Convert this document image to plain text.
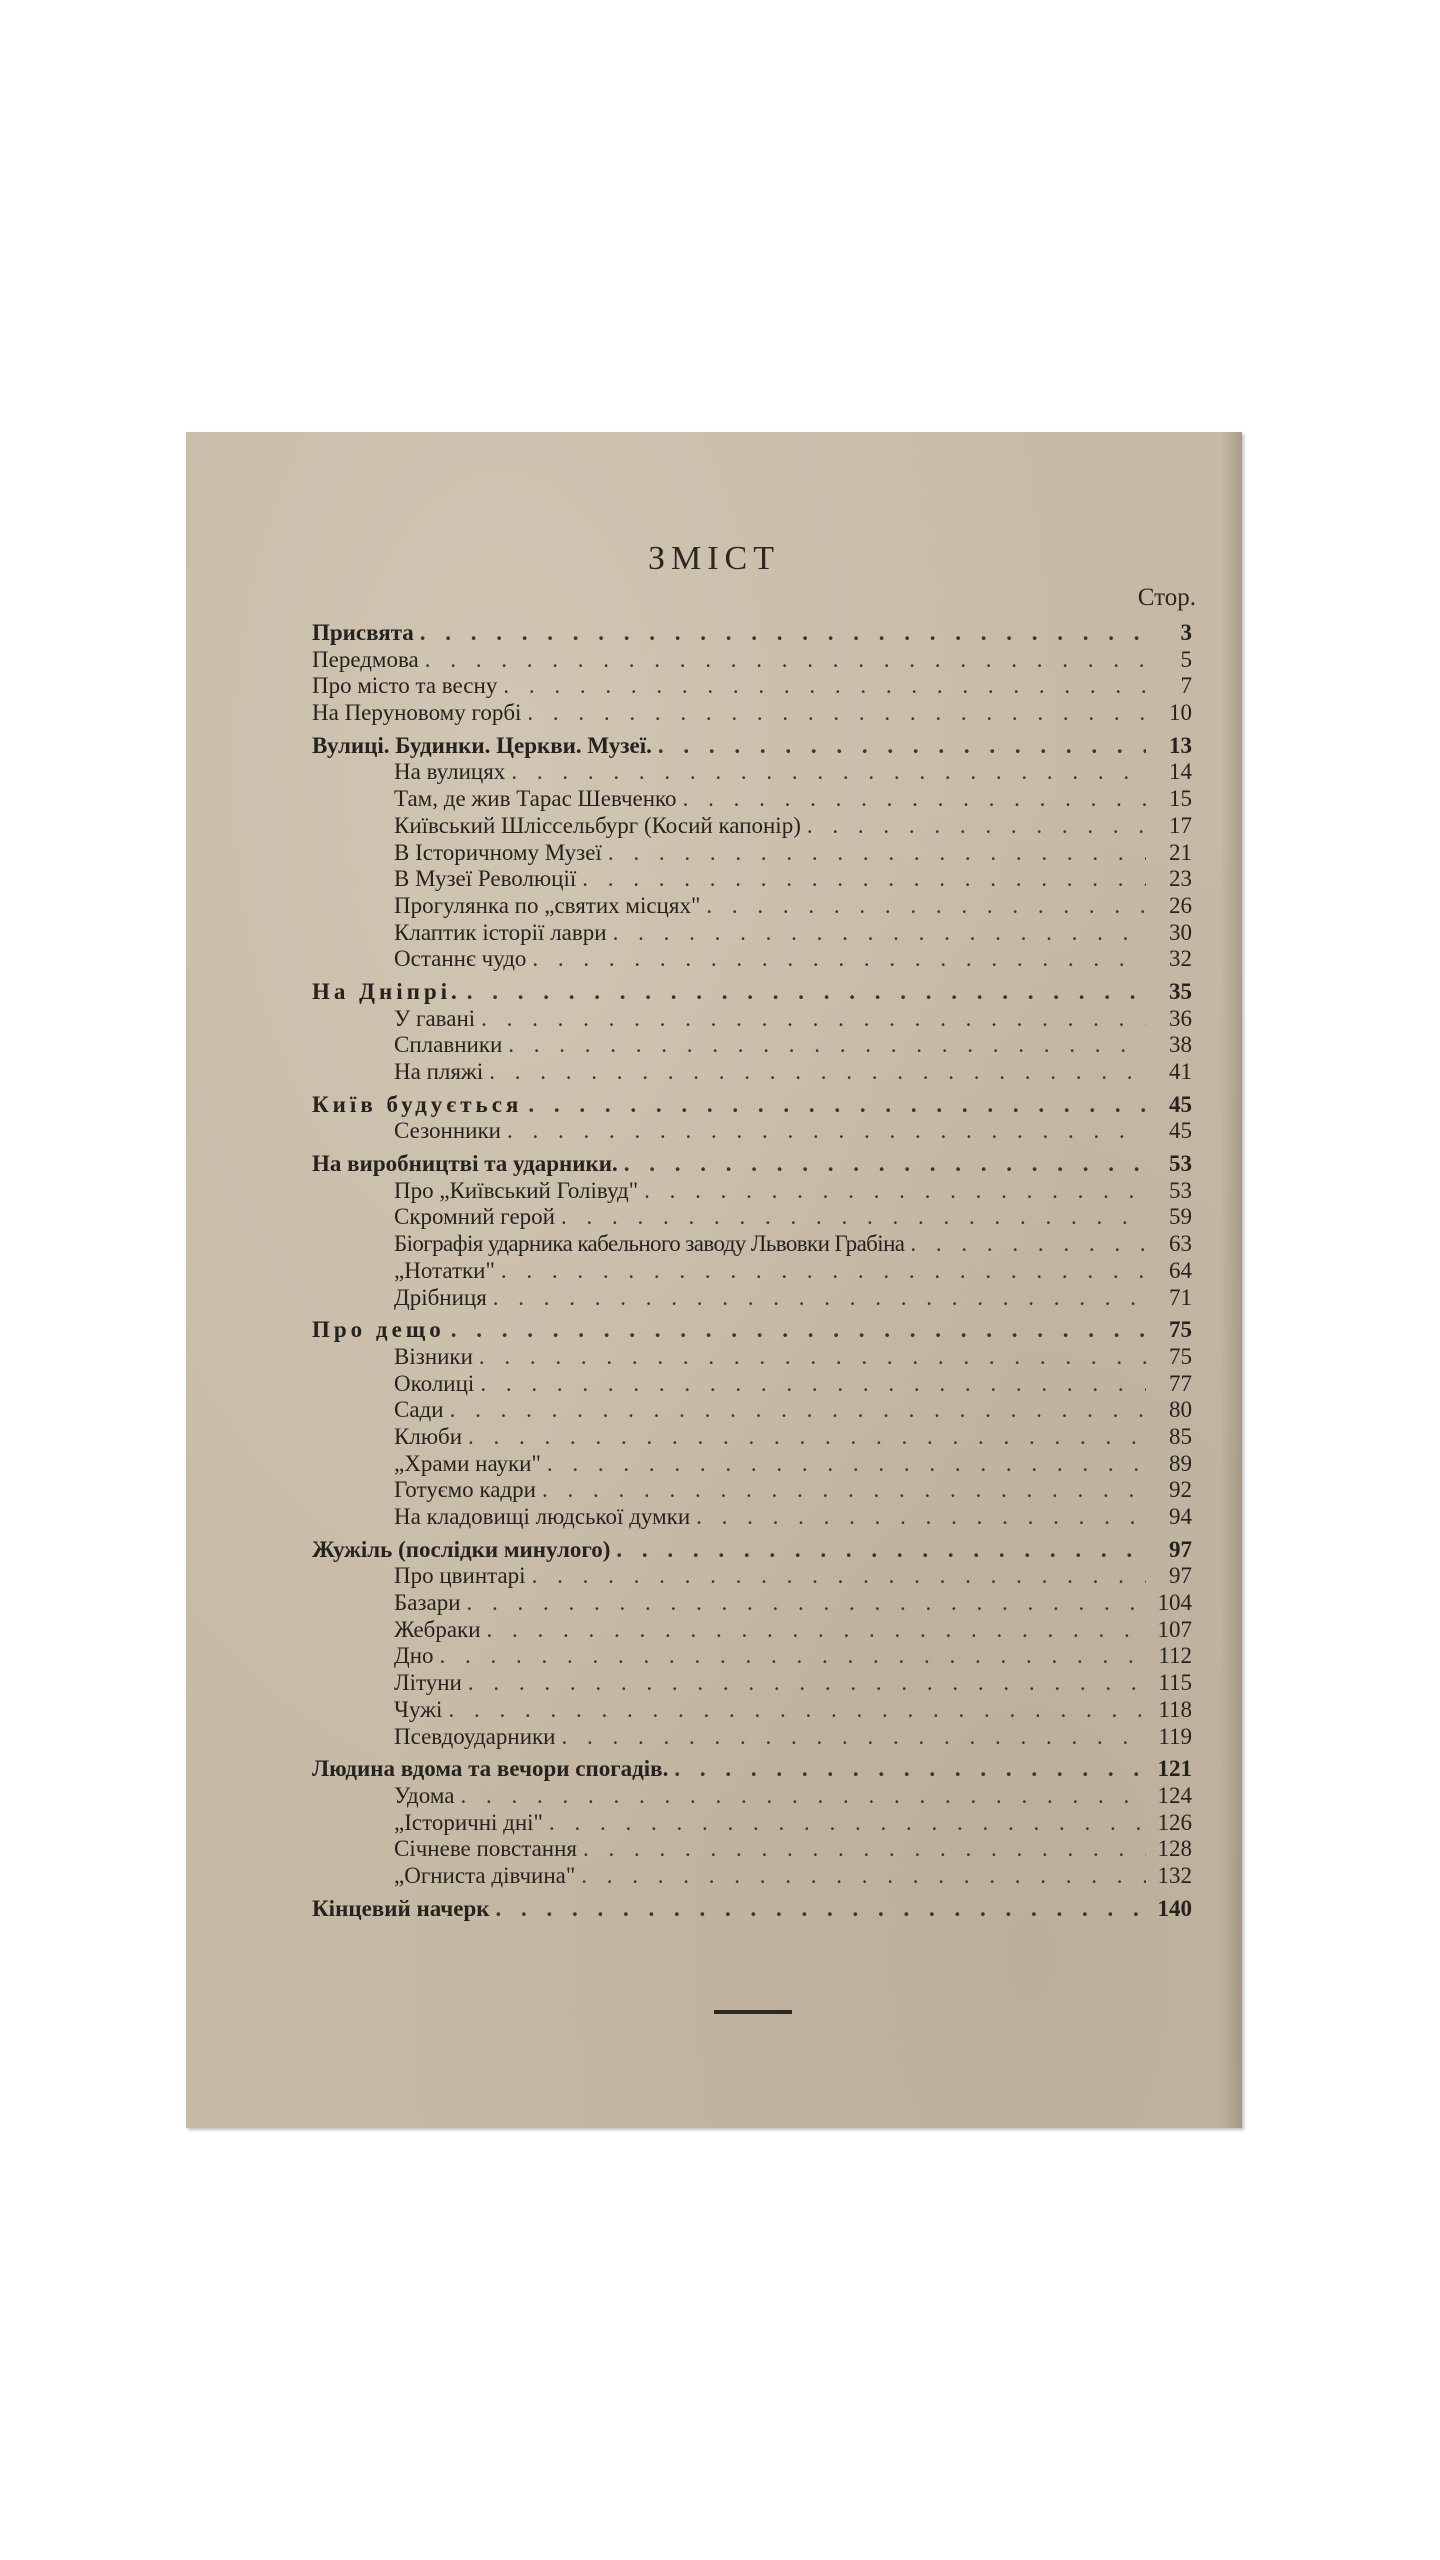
ЗМІСТ
Стор.
Присвята . . .	3
Передмова . . .	5
Про місто та весну . . .	7
На Перуновому горбі . . .	10
Вулиці. Будинки. Церкви. Музеї. . . .	13
На вулицях . . .	14
Там, де жив Тарас Шевченко . . .	15
Київський Шліссельбург (Косий капонір) . . .	17
В Історичному Музеї . . .	21
В Музеї Революції . . .	23
Прогулянка по „святих місцях" . . .	26
Клаптик історії лаври . . .	30
Останнє чудо . . .	32
На Дніпрі. . . .	35
У гавані . . .	36
Сплавники . . .	38
На пляжі . . .	41
Київ будується . . .	45
Сезонники . . .	45
На виробництві та ударники. . . .	53
Про „Київський Голівуд" . . .	53
Скромний герой . . .	59
Біографія ударника кабельного заводу Львовки Грабіна . . .	63
„Нотатки" . . .	64
Дрібниця . . .	71
Про дещо . . .	75
Візники . . .	75
Околиці . . .	77
Сади . . .	80
Клюби . . .	85
„Храми науки" . . .	89
Готуємо кадри . . .	92
На кладовищі людської думки . . .	94
Жужіль (послідки минулого) . . .	97
Про цвинтарі . . .	97
Базари . . .	104
Жебраки . . .	107
Дно . . .	112
Літуни . . .	115
Чужі . . .	118
Псевдоударники . . .	119
Людина вдома та вечори спогадів. . . .	121
Удома . . .	124
„Історичні дні" . . .	126
Січневе повстання . . .	128
„Огниста дівчина" . . .	132
Кінцевий начерк . . .	140
